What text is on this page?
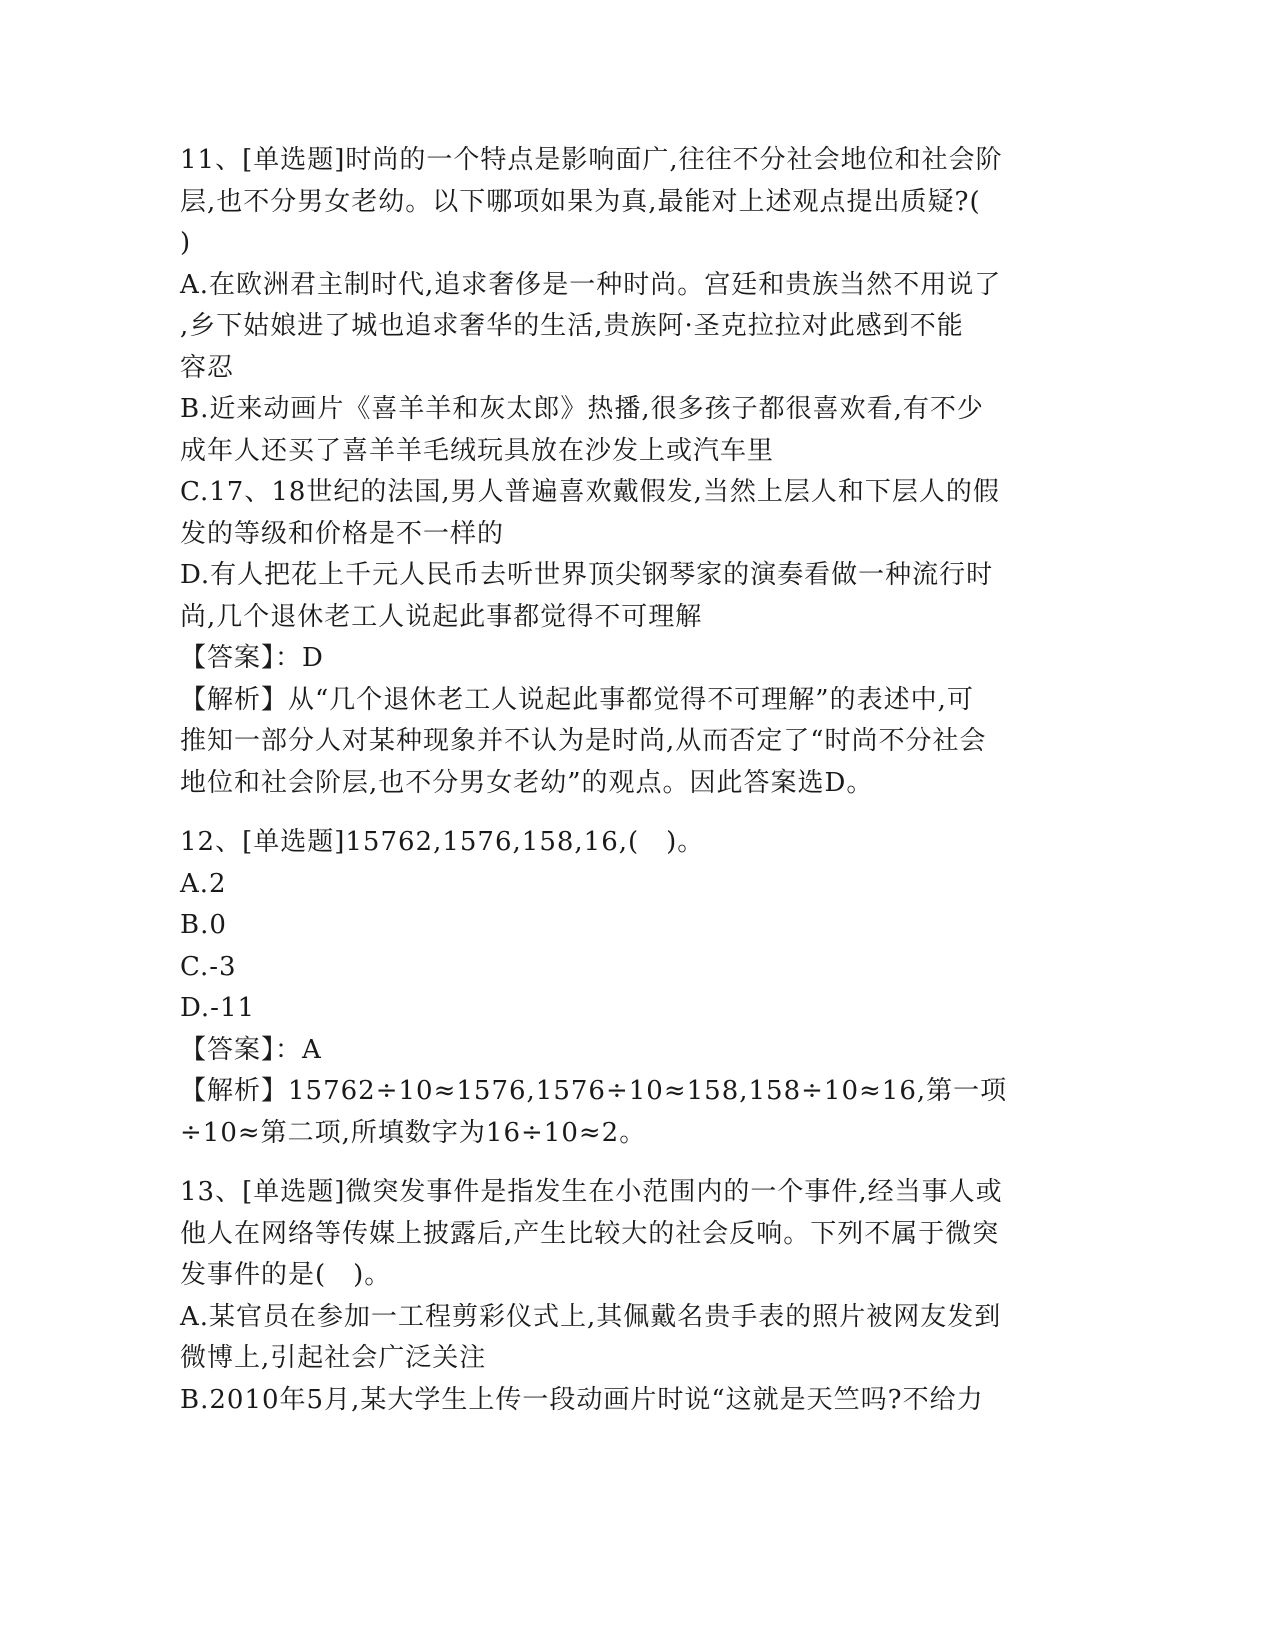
11、[单选题]时尚的一个特点是影响面广,往往不分社会地位和社会阶
层,也不分男女老幼。以下哪项如果为真,最能对上述观点提出质疑?(
)
A.在欧洲君主制时代,追求奢侈是一种时尚。宫廷和贵族当然不用说了
,乡下姑娘进了城也追求奢华的生活,贵族阿·圣克拉拉对此感到不能
容忍
B.近来动画片《喜羊羊和灰太郎》热播,很多孩子都很喜欢看,有不少
成年人还买了喜羊羊毛绒玩具放在沙发上或汽车里
C.17、18世纪的法国,男人普遍喜欢戴假发,当然上层人和下层人的假
发的等级和价格是不一样的
D.有人把花上千元人民币去听世界顶尖钢琴家的演奏看做一种流行时
尚,几个退休老工人说起此事都觉得不可理解
【答案】：D
【解析】从“几个退休老工人说起此事都觉得不可理解”的表述中,可
推知一部分人对某种现象并不认为是时尚,从而否定了“时尚不分社会
地位和社会阶层,也不分男女老幼”的观点。因此答案选D。
12、[单选题]15762,1576,158,16,(　)。
A.2
B.0
C.-3
D.-11
【答案】：A
【解析】15762÷10≈1576,1576÷10≈158,158÷10≈16,第一项
÷10≈第二项,所填数字为16÷10≈2。
13、[单选题]微突发事件是指发生在小范围内的一个事件,经当事人或
他人在网络等传媒上披露后,产生比较大的社会反响。下列不属于微突
发事件的是(　)。
A.某官员在参加一工程剪彩仪式上,其佩戴名贵手表的照片被网友发到
微博上,引起社会广泛关注
B.2010年5月,某大学生上传一段动画片时说“这就是天竺吗?不给力
